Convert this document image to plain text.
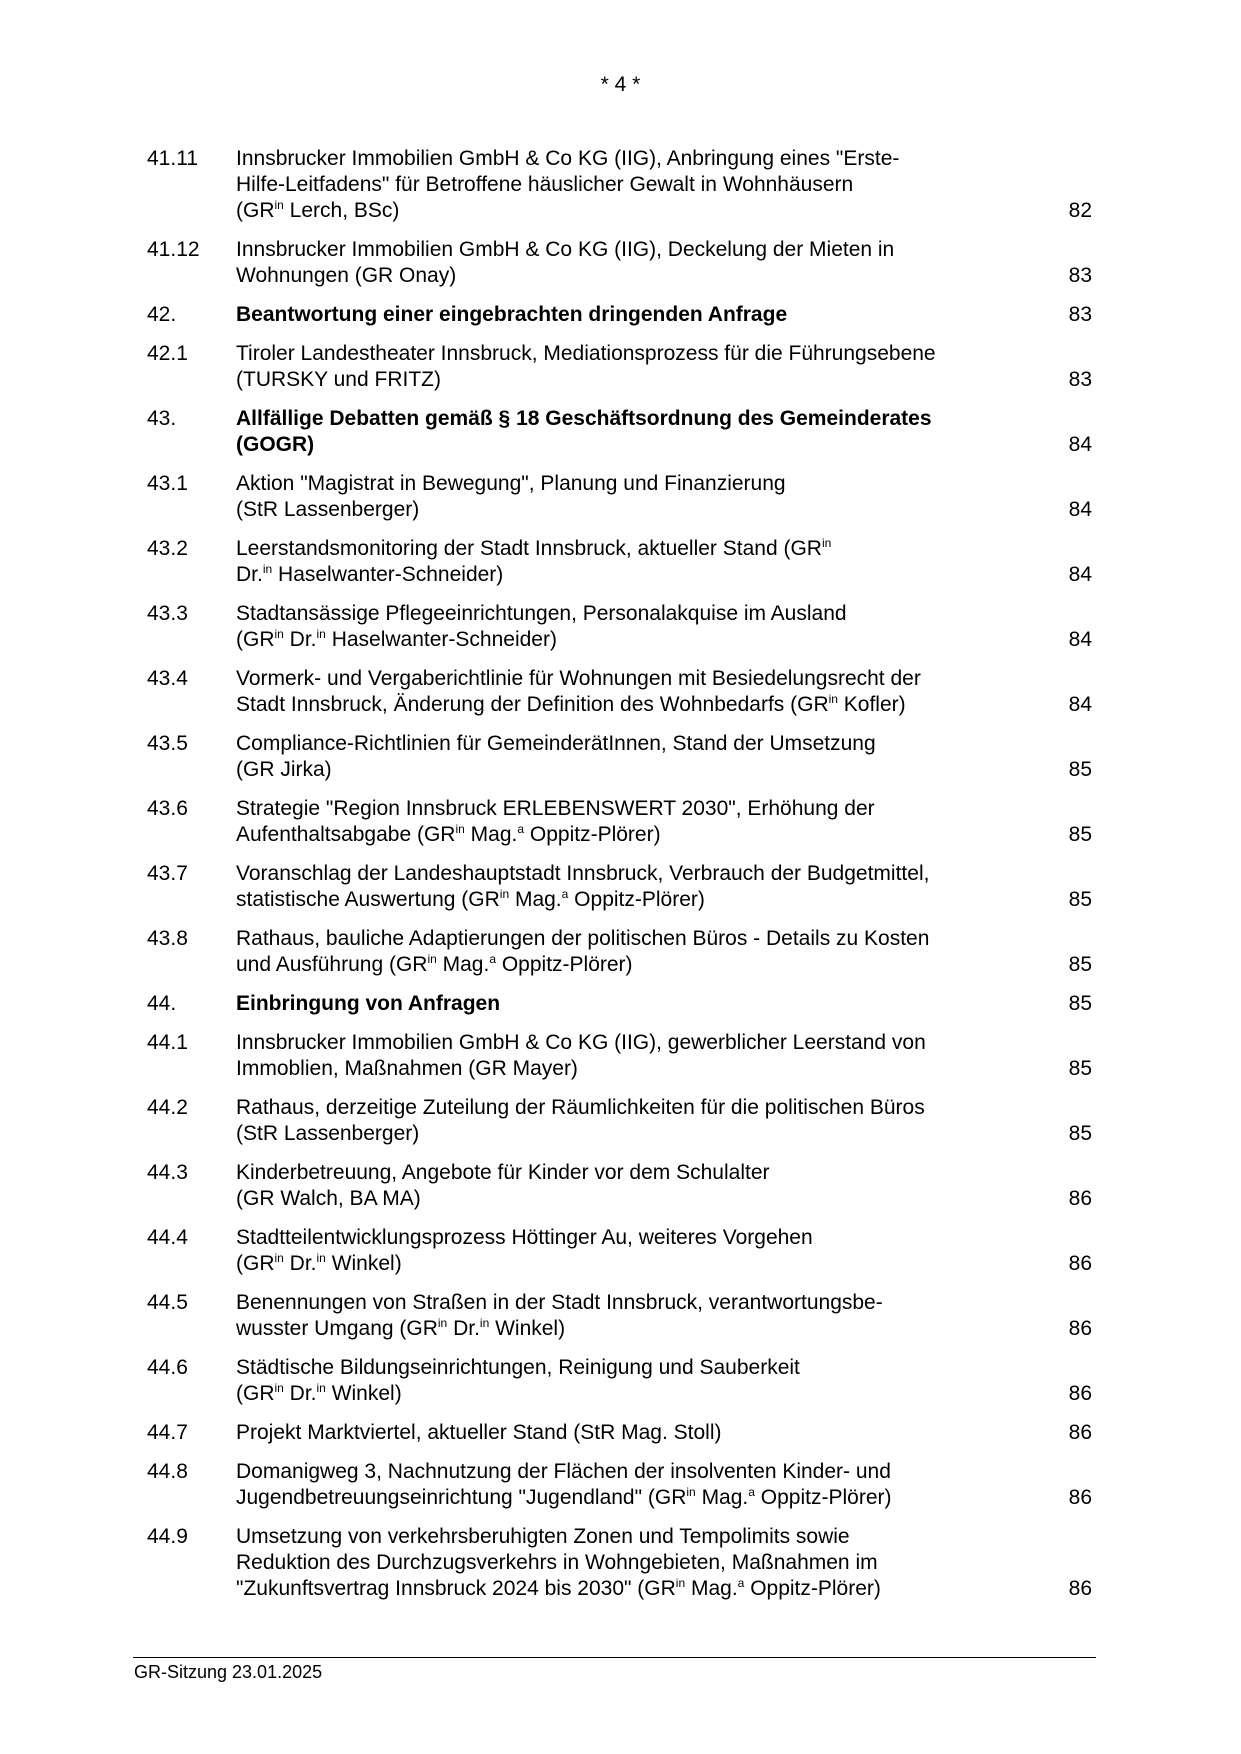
* 4 *
41.11	Innsbrucker Immobilien GmbH & Co KG (IIG), Anbringung eines "Erste-
Hilfe-Leitfadens" für Betroffene häuslicher Gewalt in Wohnhäusern
($GR^{in}$ Lerch, BSc)	82
41.12	Innsbrucker Immobilien GmbH & Co KG (IIG), Deckelung der Mieten in
Wohnungen (GR Onay)	83
42.	Beantwortung einer eingebrachten dringenden Anfrage	83
42.1	Tiroler Landestheater Innsbruck, Mediationsprozess für die Führungsebene
(TURSKY und FRITZ)	83
43.	Allfällige Debatten gemäß § 18 Geschäftsordnung des Gemeinderates
(GOGR)	84
43.1	Aktion "Magistrat in Bewegung", Planung und Finanzierung
(StR Lassenberger)	84
43.2	Leerstandsmonitoring der Stadt Innsbruck, aktueller Stand ($GR^{in}$
Dr.$^{in}$ Haselwanter-Schneider)	84
43.3	Stadtansässige Pflegeeinrichtungen, Personalakquise im Ausland
($GR^{in}$ Dr.$^{in}$ Haselwanter-Schneider)	84
43.4	Vormerk- und Vergaberichtlinie für Wohnungen mit Besiedelungsrecht der
Stadt Innsbruck, Änderung der Definition des Wohnbedarfs ($GR^{in}$ Kofler)	84
43.5	Compliance-Richtlinien für GemeinderätInnen, Stand der Umsetzung
(GR Jirka)	85
43.6	Strategie "Region Innsbruck ERLEBENSWERT 2030", Erhöhung der
Aufenthaltsabgabe ($GR^{in}$ Mag.$^a$ Oppitz-Plörer)	85
43.7	Voranschlag der Landeshauptstadt Innsbruck, Verbrauch der Budgetmittel,
statistische Auswertung ($GR^{in}$ Mag.$^a$ Oppitz-Plörer)	85
43.8	Rathaus, bauliche Adaptierungen der politischen Büros - Details zu Kosten
und Ausführung ($GR^{in}$ Mag.$^a$ Oppitz-Plörer)	85
44.	Einbringung von Anfragen	85
44.1	Innsbrucker Immobilien GmbH & Co KG (IIG), gewerblicher Leerstand von
Immoblien, Maßnahmen (GR Mayer)	85
44.2	Rathaus, derzeitige Zuteilung der Räumlichkeiten für die politischen Büros
(StR Lassenberger)	85
44.3	Kinderbetreuung, Angebote für Kinder vor dem Schulalter
(GR Walch, BA MA)	86
44.4	Stadtteilentwicklungsprozess Höttinger Au, weiteres Vorgehen
($GR^{in}$ Dr.$^{in}$ Winkel)	86
44.5	Benennungen von Straßen in der Stadt Innsbruck, verantwortungsbe-
wusster Umgang ($GR^{in}$ Dr.$^{in}$ Winkel)	86
44.6	Städtische Bildungseinrichtungen, Reinigung und Sauberkeit
($GR^{in}$ Dr.$^{in}$ Winkel)	86
44.7	Projekt Marktviertel, aktueller Stand (StR Mag. Stoll)	86
44.8	Domanigweg 3, Nachnutzung der Flächen der insolventen Kinder- und
Jugendbetreuungseinrichtung "Jugendland" ($GR^{in}$ Mag.$^a$ Oppitz-Plörer)	86
44.9	Umsetzung von verkehrsberuhigten Zonen und Tempolimits sowie
Reduktion des Durchzugsverkehrs in Wohngebieten, Maßnahmen im
"Zukunftsvertrag Innsbruck 2024 bis 2030" ($GR^{in}$ Mag.$^a$ Oppitz-Plörer)	86
GR-Sitzung 23.01.2025
